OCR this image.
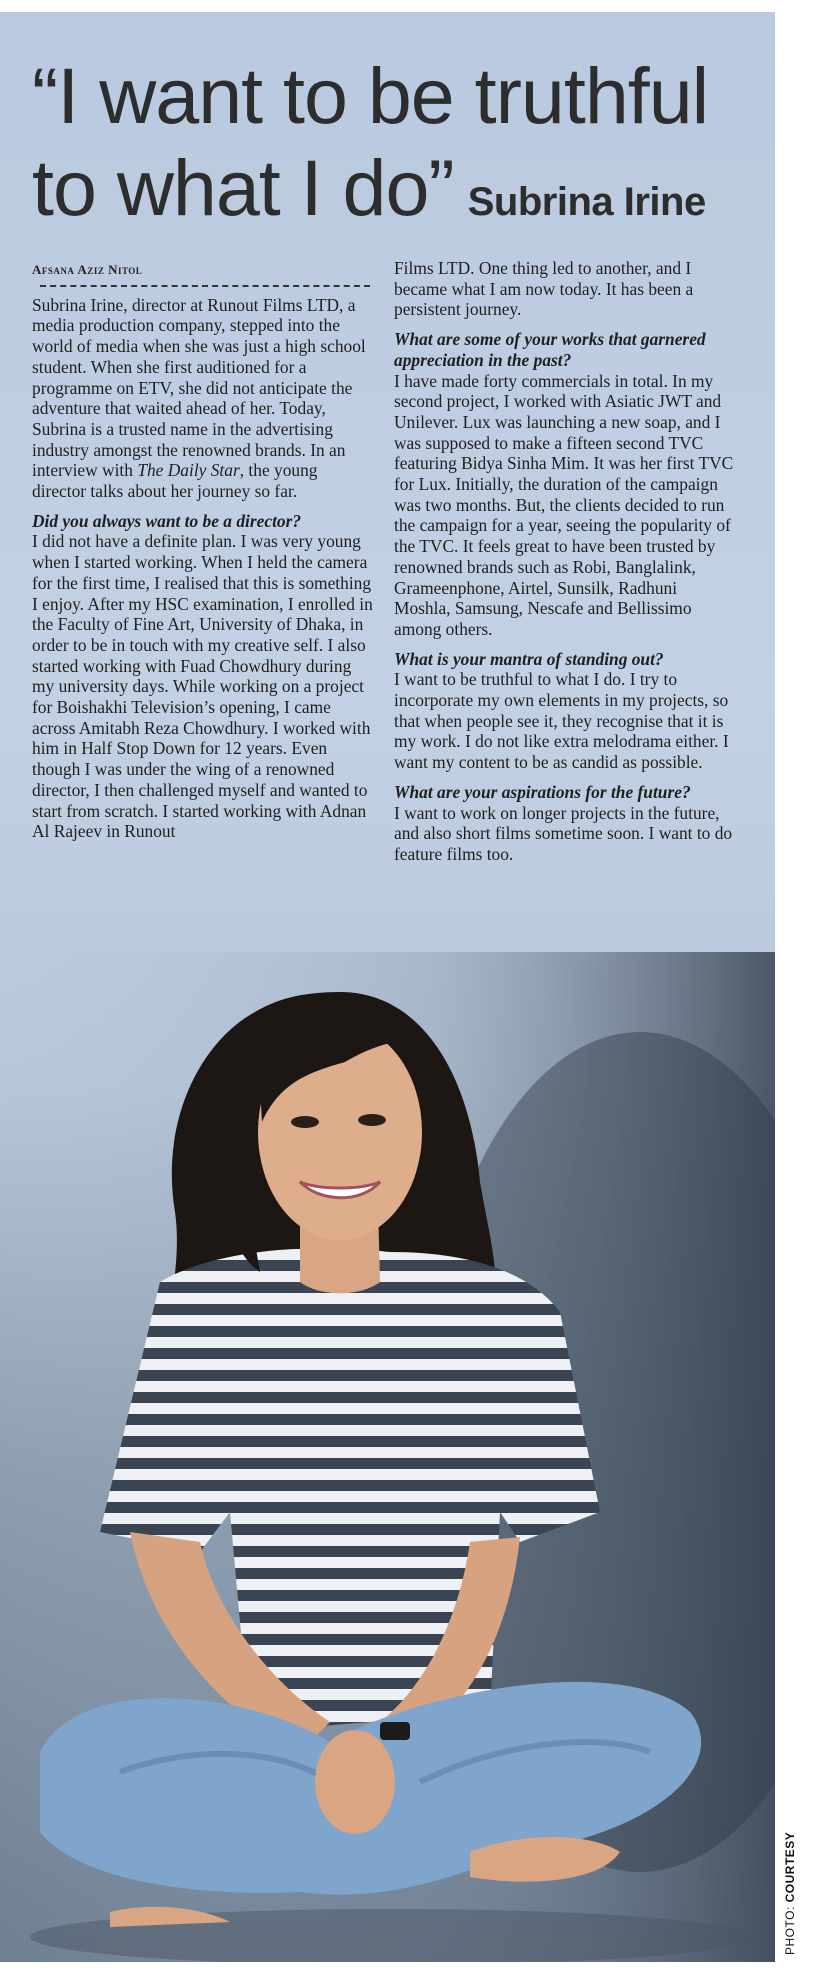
“I want to be truthful
to what I do” Subrina Irine
Afsana Aziz Nitol

Subrina Irine, director at Runout Films LTD, a media production company, stepped into the world of media when she was just a high school student. When she first auditioned for a programme on ETV, she did not anticipate the adventure that waited ahead of her. Today, Subrina is a trusted name in the advertising industry amongst the renowned brands. In an interview with The Daily Star, the young director talks about her journey so far.

Did you always want to be a director?

I did not have a definite plan. I was very young when I started working. When I held the camera for the first time, I realised that this is something I enjoy. After my HSC examination, I enrolled in the Faculty of Fine Art, University of Dhaka, in order to be in touch with my creative self. I also started working with Fuad Chowdhury during my university days. While working on a project for Boishakhi Television’s opening, I came across Amitabh Reza Chowdhury. I worked with him in Half Stop Down for 12 years. Even though I was under the wing of a renowned director, I then challenged myself and wanted to start from scratch. I started working with Adnan Al Rajeev in Runout

Films LTD. One thing led to another, and I became what I am now today. It has been a persistent journey.

What are some of your works that garnered appreciation in the past?

I have made forty commercials in total. In my second project, I worked with Asiatic JWT and Unilever. Lux was launching a new soap, and I was supposed to make a fifteen second TVC featuring Bidya Sinha Mim. It was her first TVC for Lux. Initially, the duration of the campaign was two months. But, the clients decided to run the campaign for a year, seeing the popularity of the TVC. It feels great to have been trusted by renowned brands such as Robi, Banglalink, Grameenphone, Airtel, Sunsilk, Radhuni Moshla, Samsung, Nescafe and Bellissimo among others.

What is your mantra of standing out?

I want to be truthful to what I do. I try to incorporate my own elements in my projects, so that when people see it, they recognise that it is my work. I do not like extra melodrama either. I want my content to be as candid as possible.

What are your aspirations for the future?

I want to work on longer projects in the future, and also short films sometime soon. I want to do feature films too.

PHOTO: COURTESY
